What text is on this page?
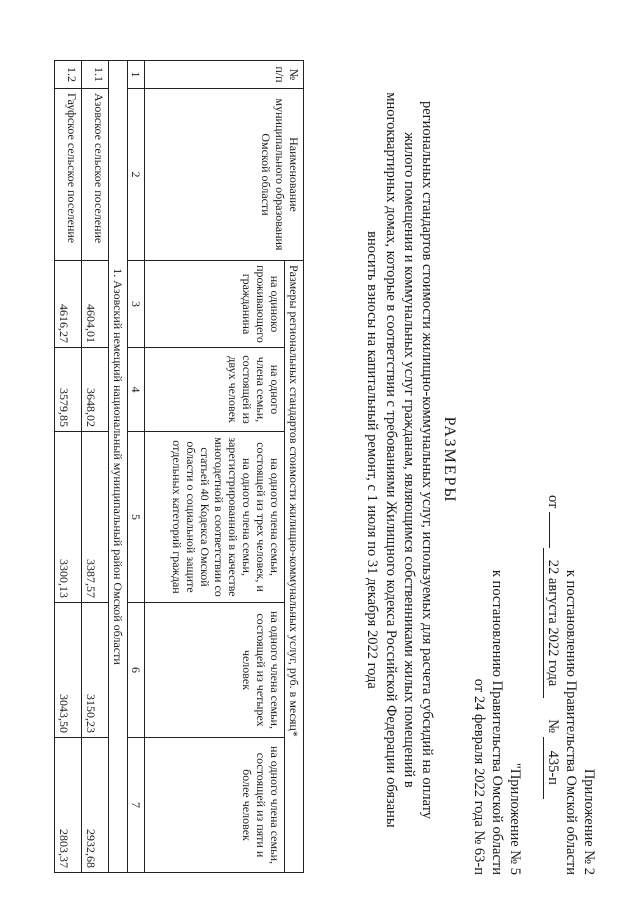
Приложение № 2
к постановлению Правительства Омской области
от 22 августа 2022 года  № 435-п
"Приложение № 5
к постановлению Правительства Омской области
от 24 февраля 2022 года № 63-п
РАЗМЕРЫ
региональных стандартов стоимости жилищно-коммунальных услуг, используемых для расчета субсидий на оплату
жилого помещения и коммунальных услуг гражданам, являющимся собственниками жилых помещений в
многоквартирных домах, которые в соответствии с требованиями Жилищного кодекса Российской Федерации обязаны
вносить взносы на капитальный ремонт, с 1 июля по 31 декабря 2022 года
№ п/п	Наименование муниципального образования Омской области	Размеры региональных стандартов стоимости жилищно-коммунальных услуг, руб. в месяц*				
		на одиноко проживающего гражданина	на одного члена семьи, состоящей из двух человек	на одного члена семьи, состоящей из трех человек, и на одного члена семьи, зарегистрированной в качестве многодетной в соответствии со статьей 40 Кодекса Омской области о социальной защите отдельных категорий граждан	на одного члена семьи, состоящей из четырех человек	на одного члена семьи, состоящей из пяти и более человек
1	2	3	4	5	6	7
1. Азовский немецкий национальный муниципальный район Омской области						
1.1	Азовское сельское поселение	4604,01	3648,02	3387,57	3150,23	2932,68
1.2	Гауфское сельское поселение	4616,27	3579,85	3300,13	3043,50	2803,37
